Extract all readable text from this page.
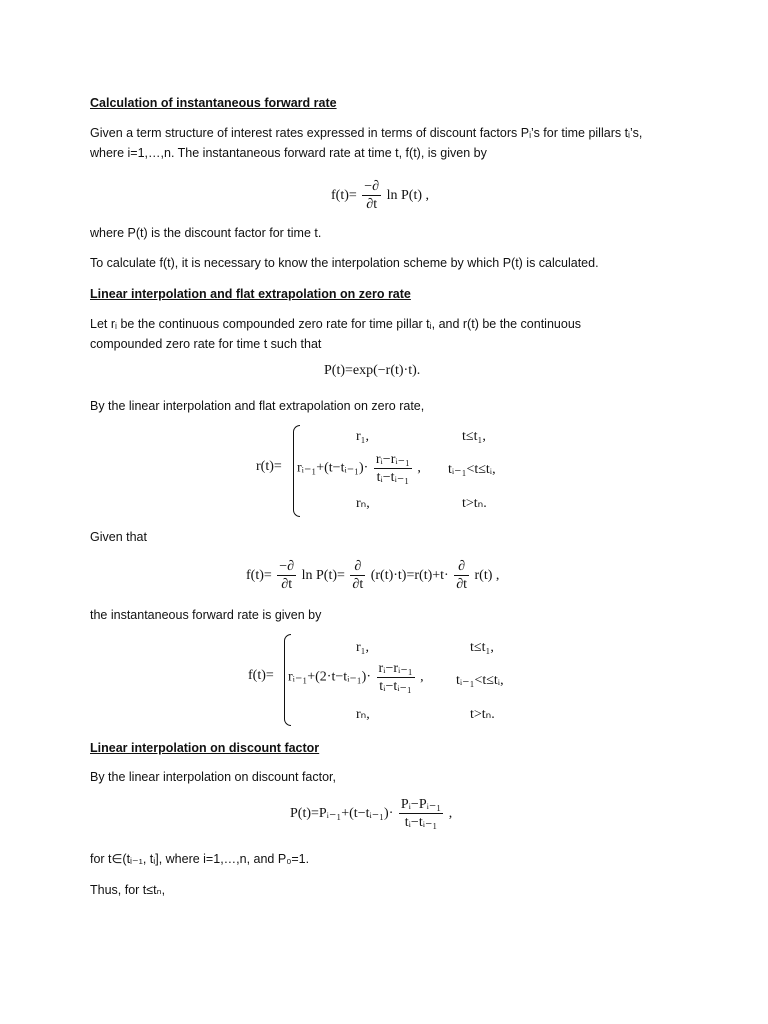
Calculation of instantaneous forward rate
Given a term structure of interest rates expressed in terms of discount factors Pᵢ’s for time pillars tᵢ’s,
where i=1,…,n. The instantaneous forward rate at time t, f(t), is given by
$f(t)= \frac{-\partial}{\partial t}$ ln P(t) ,
where P(t) is the discount factor for time t.
To calculate f(t), it is necessary to know the interpolation scheme by which P(t) is calculated.
Linear interpolation and flat extrapolation on zero rate
Let rᵢ be the continuous compounded zero rate for time pillar tᵢ, and r(t) be the continuous
compounded zero rate for time t such that
P(t)=exp(−r(t)·t).
By the linear interpolation and flat extrapolation on zero rate,
r(t)=
r₁,	t≤t₁,
rᵢ₋₁+(t−tᵢ₋₁)· $\frac{\text{rᵢ−rᵢ₋₁}}{\text{tᵢ−tᵢ₋₁}}$ , tᵢ₋₁<t≤tᵢ,
rₙ,	t>tₙ.
Given that
$f(t)= \frac{-\partial}{\partial t}$ $\ln P(t)= \frac{\partial}{\partial t} (r(t)\cdot t)=r(t)+t\cdot \frac{\partial}{\partial t} r(t)$ ,
the instantaneous forward rate is given by
f(t)=
r₁,	t≤t₁,
rᵢ₋₁+(2·t−tᵢ₋₁)· $\frac{\text{rᵢ−rᵢ₋₁}}{\text{tᵢ−tᵢ₋₁}}$ , tᵢ₋₁<t≤tᵢ,
rₙ,	t>tₙ.
Linear interpolation on discount factor
By the linear interpolation on discount factor,
P(t)=Pᵢ₋₁+(t−tᵢ₋₁)· $\frac{\text{Pᵢ−Pᵢ₋₁}}{\text{tᵢ−tᵢ₋₁}}$ ,
for t∈(tᵢ₋₁, tᵢ], where i=1,…,n, and P₀=1.
Thus, for t≤tₙ,
